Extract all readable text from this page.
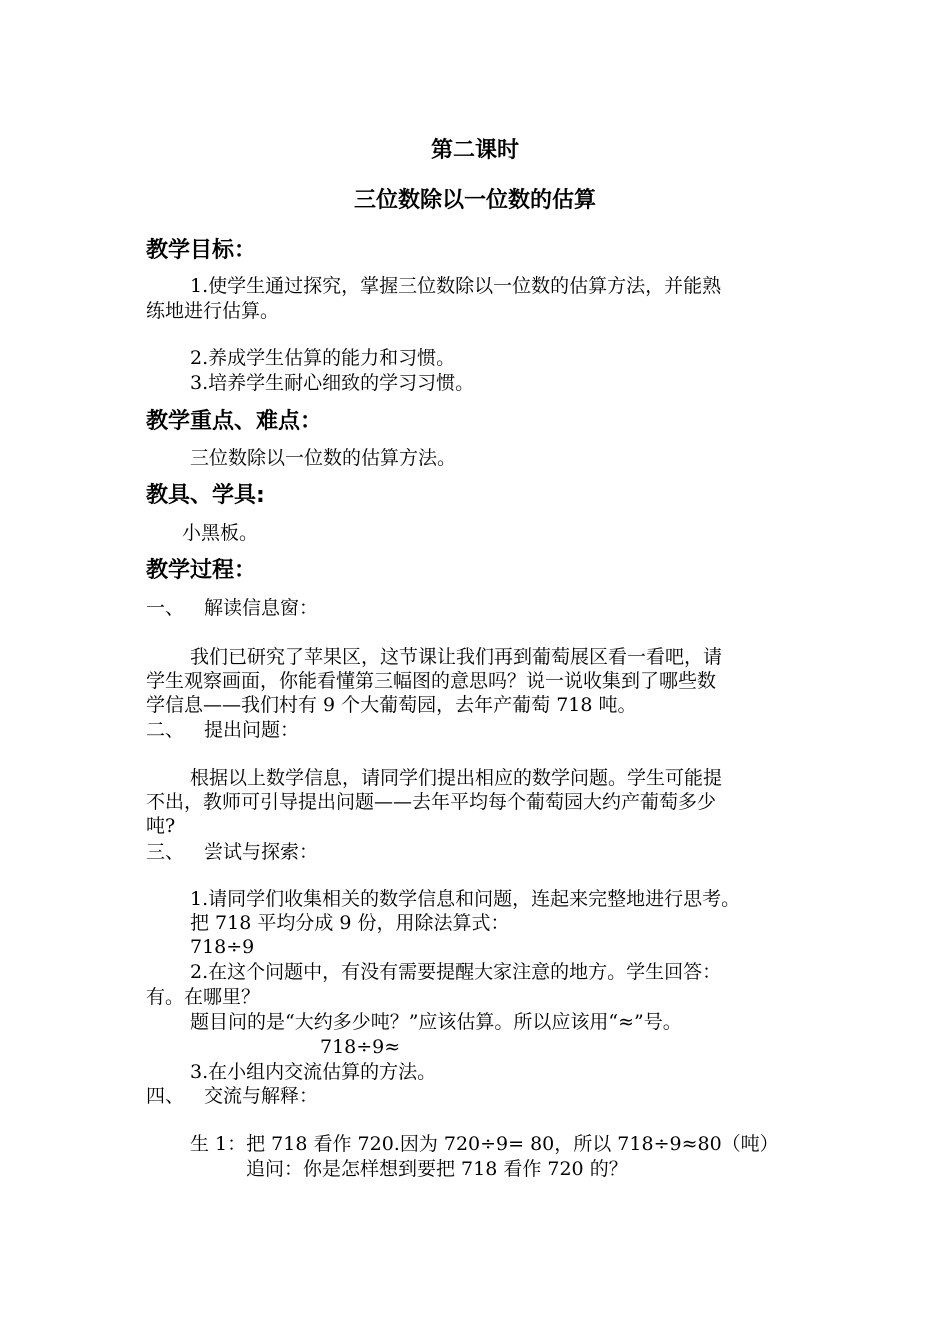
第二课时
三位数除以一位数的估算
教学目标：
1.使学生通过探究，掌握三位数除以一位数的估算方法，并能熟
练地进行估算。
2.养成学生估算的能力和习惯。
3.培养学生耐心细致的学习习惯。
教学重点、难点：
三位数除以一位数的估算方法。
教具、学具:
小黑板。
教学过程：
一、 解读信息窗：
我们已研究了苹果区，这节课让我们再到葡萄展区看一看吧，请
学生观察画面，你能看懂第三幅图的意思吗？说一说收集到了哪些数
学信息——我们村有 9 个大葡萄园，去年产葡萄 718 吨。
二、 提出问题：
根据以上数学信息，请同学们提出相应的数学问题。学生可能提
不出，教师可引导提出问题——去年平均每个葡萄园大约产葡萄多少
吨?
三、 尝试与探索：
1.请同学们收集相关的数学信息和问题，连起来完整地进行思考。
把 718 平均分成 9 份，用除法算式：
718÷9
2.在这个问题中，有没有需要提醒大家注意的地方。学生回答：
有。在哪里？
题目问的是“大约多少吨？”应该估算。所以应该用“≈”号。
718÷9≈
3.在小组内交流估算的方法。
四、 交流与解释：
生 1：把 718 看作 720.因为 720÷9= 80，所以 718÷9≈80（吨）
追问：你是怎样想到要把 718 看作 720 的？
